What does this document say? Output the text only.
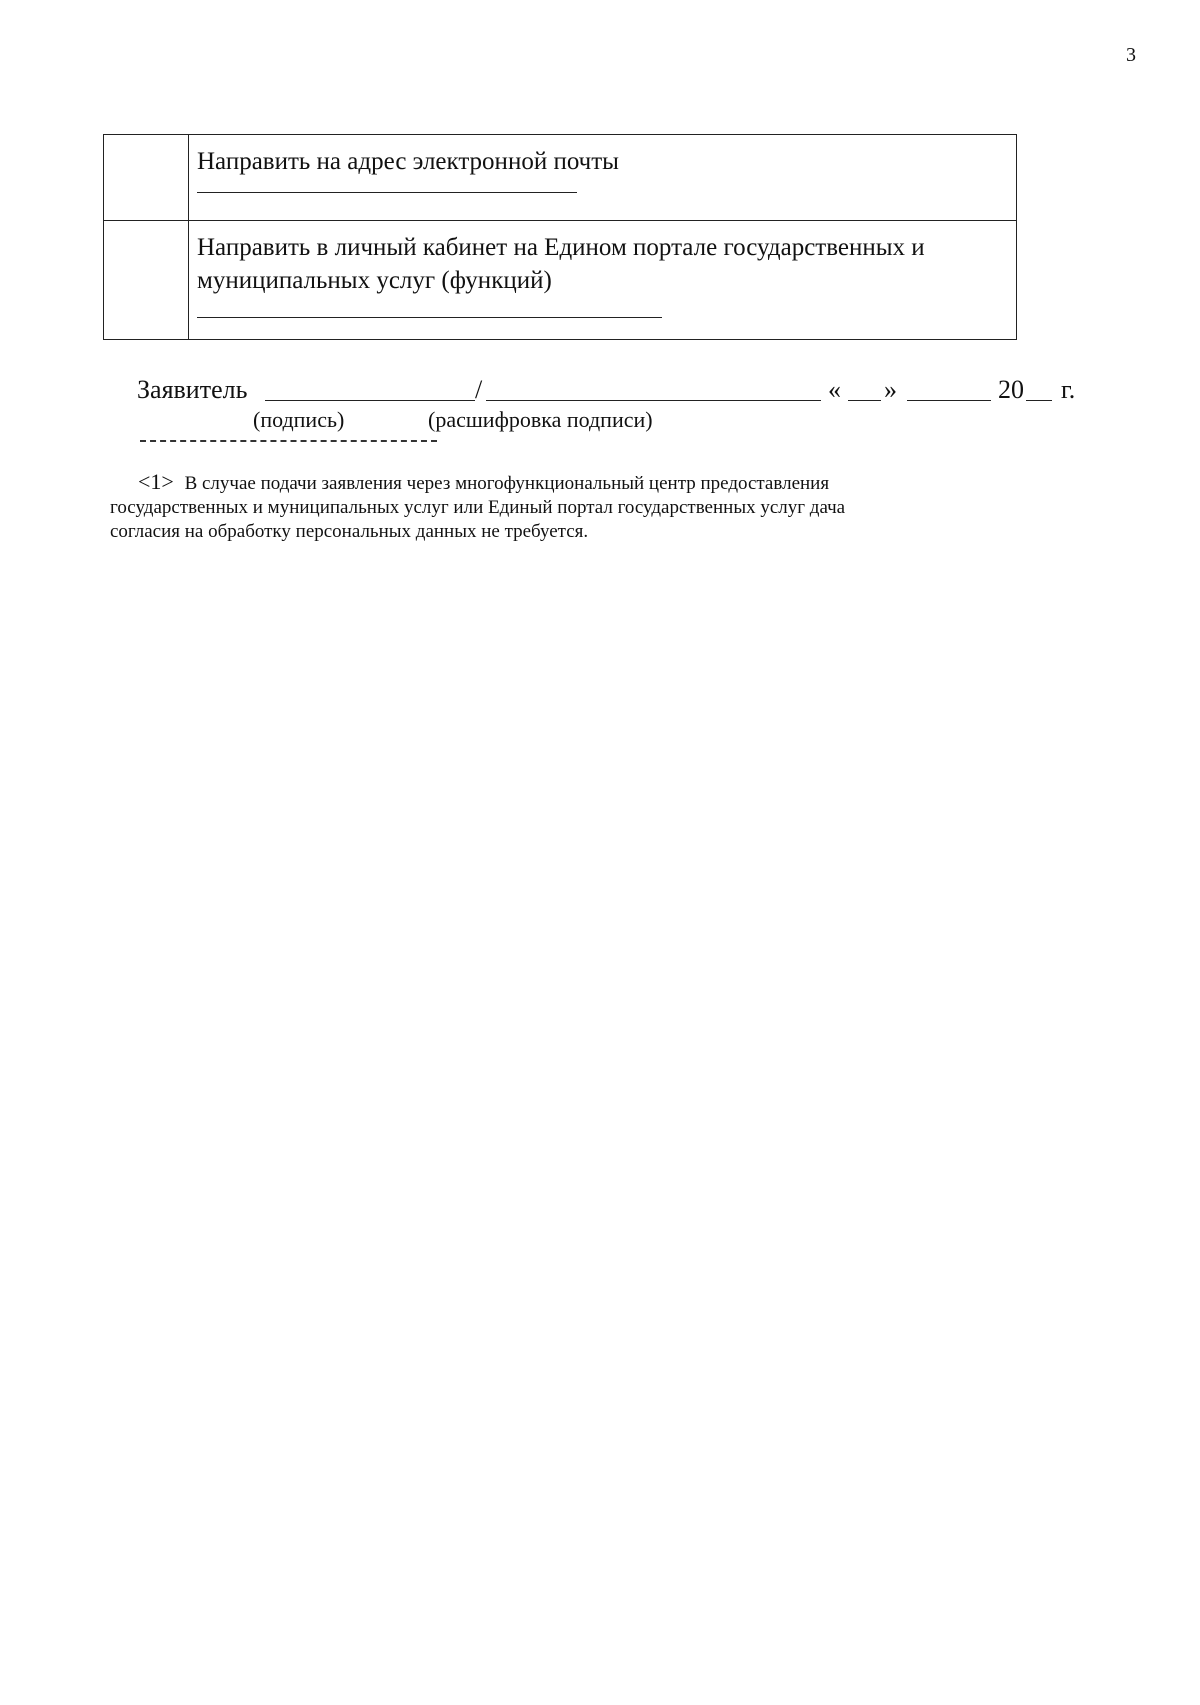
3

	Направить на адрес электронной почты

	Направить в личный кабинет на Едином портале государственных и муниципальных услуг (функций)
Заявитель	/	« »	20 г.
(подпись)	(расшифровка подписи)
<1> В случае подачи заявления через многофункциональный центр предоставления государственных и муниципальных услуг или Единый портал государственных услуг дача согласия на обработку персональных данных не требуется.
